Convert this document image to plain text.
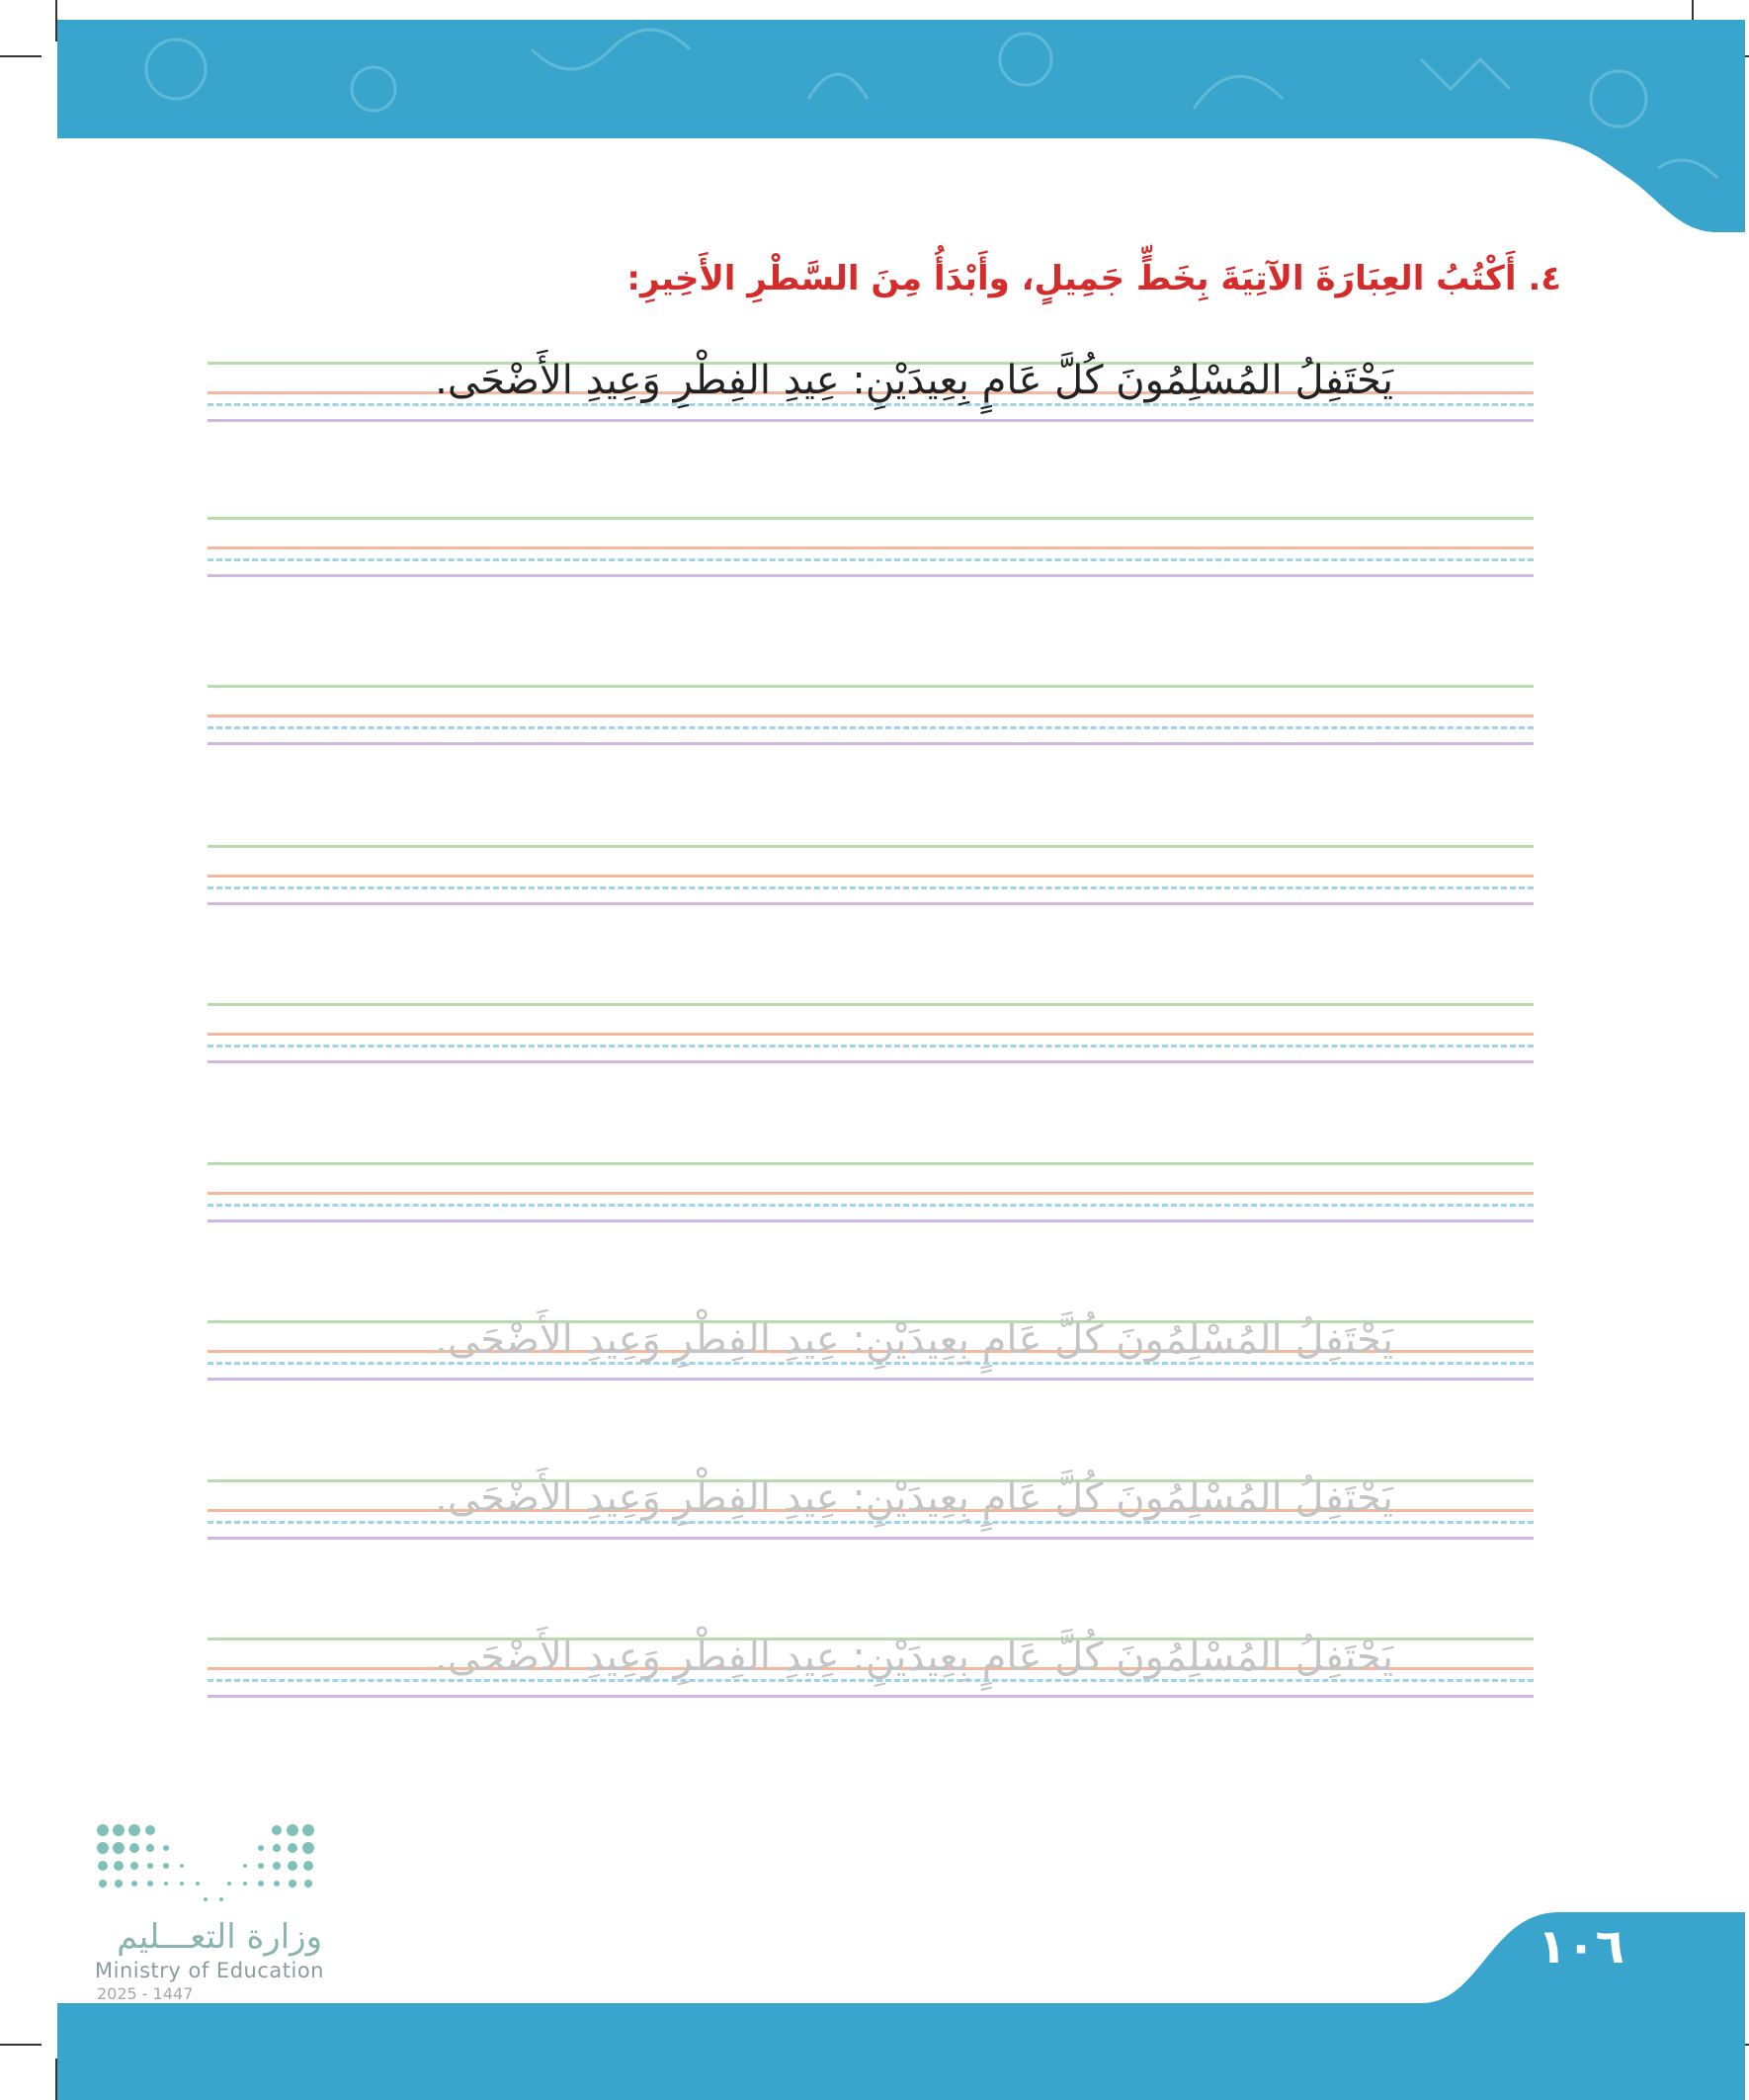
٤. أَكْتُبُ العِبَارَةَ الآتِيَةَ بِخَطٍّ جَمِيلٍ، وأَبْدَأُ مِنَ السَّطْرِ الأَخِيرِ:
يَحْتَفِلُ المُسْلِمُونَ كُلَّ عَامٍ بِعِيدَيْنِ: عِيدِ الفِطْرِ وَعِيدِ الأَضْحَى.
يَحْتَفِلُ المُسْلِمُونَ كُلَّ عَامٍ بِعِيدَيْنِ: عِيدِ الفِطْرِ وَعِيدِ الأَضْحَى.
يَحْتَفِلُ المُسْلِمُونَ كُلَّ عَامٍ بِعِيدَيْنِ: عِيدِ الفِطْرِ وَعِيدِ الأَضْحَى.
يَحْتَفِلُ المُسْلِمُونَ كُلَّ عَامٍ بِعِيدَيْنِ: عِيدِ الفِطْرِ وَعِيدِ الأَضْحَى.
وزارة التعـــليم
Ministry of Education
2025 - 1447
١٠٦
